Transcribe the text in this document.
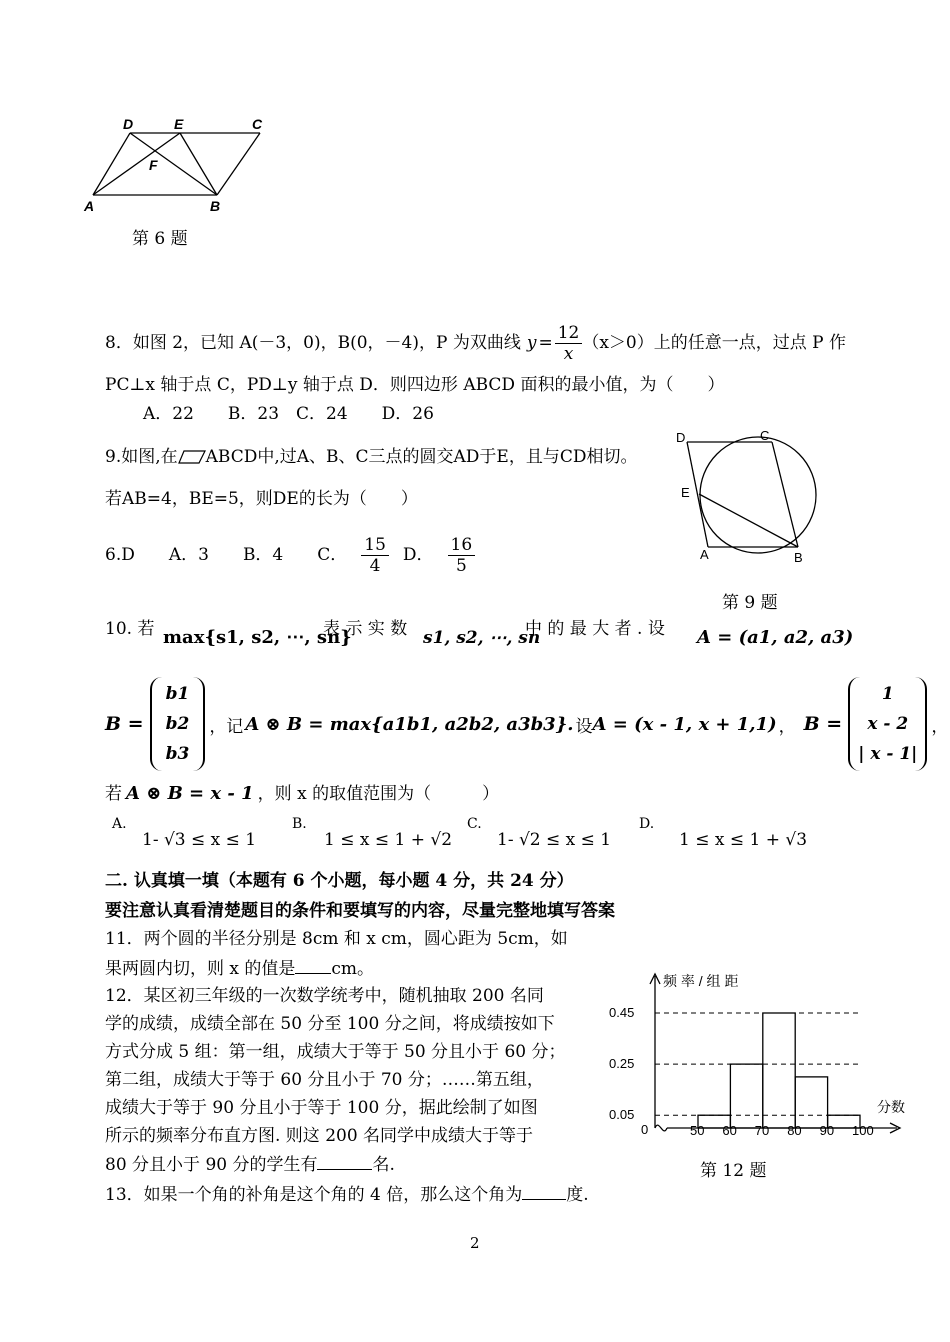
D	E	C
F
A	B
第 6 题
8．如图 2，已知 A(－3，0)，B(0，－4)，P 为双曲线 $y = \frac{12}{x} (x>0)$上的任意一点，过点 P 作
PC⊥x 轴于点 C，PD⊥y 轴于点 D．则四边形 ABCD 面积的最小值，为（　　）
A．22　　B．23　C．24　　D．26
9.如图,在 ABCD中,过A、B、C三点的圆交AD于E，且与CD相切。
若AB=4，BE=5，则DE的长为（　　）
6.D　　A．3　　B．4　　C． $\frac{15}{4}$ D． $\frac{16}{5}$
D	C
E
A	B
第 9 题
10. 若 max{s1, s2, ⋯, sn}
表 示 实 数 s1, s2, ⋯, sn
中 的 最 大 者 . 设 A = (a1, a2, a3)
B =
b1
b2
b3
，记 A ⊗ B = max{a1b1, a2b2, a3b3}. 设 A = (x - 1, x + 1,1) ， B =
1
x - 2
| x - 1|
，
若 A ⊗ B = x - 1 ，则 x 的取值范围为（　　　）
A.
1- √3 ≤ x ≤ 1
B.
1 ≤ x ≤ 1 + √2
C.
1- √2 ≤ x ≤ 1
D.
1 ≤ x ≤ 1 + √3
二. 认真填一填（本题有 6 个小题，每小题 4 分，共 24 分）
要注意认真看清楚题目的条件和要填写的内容，尽量完整地填写答案
11．两个圆的半径分别是 8cm 和 x cm，圆心距为 5cm，如
果两圆内切，则 x 的值是 cm。
12．某区初三年级的一次数学统考中，随机抽取 200 名同
学的成绩，成绩全部在 50 分至 100 分之间，将成绩按如下
方式分成 5 组：第一组，成绩大于等于 50 分且小于 60 分；
第二组，成绩大于等于 60 分且小于 70 分；……第五组，
成绩大于等于 90 分且小于等于 100 分，据此绘制了如图
所示的频率分布直方图. 则这 200 名同学中成绩大于等于
80 分且小于 90 分的学生有	名.
0.45
0.25
0.05
50 60 70 80 90 100
频 率 / 组 距
分数
0
第 12 题
13．如果一个角的补角是这个角的 4 倍，那么这个角为	度.
2
